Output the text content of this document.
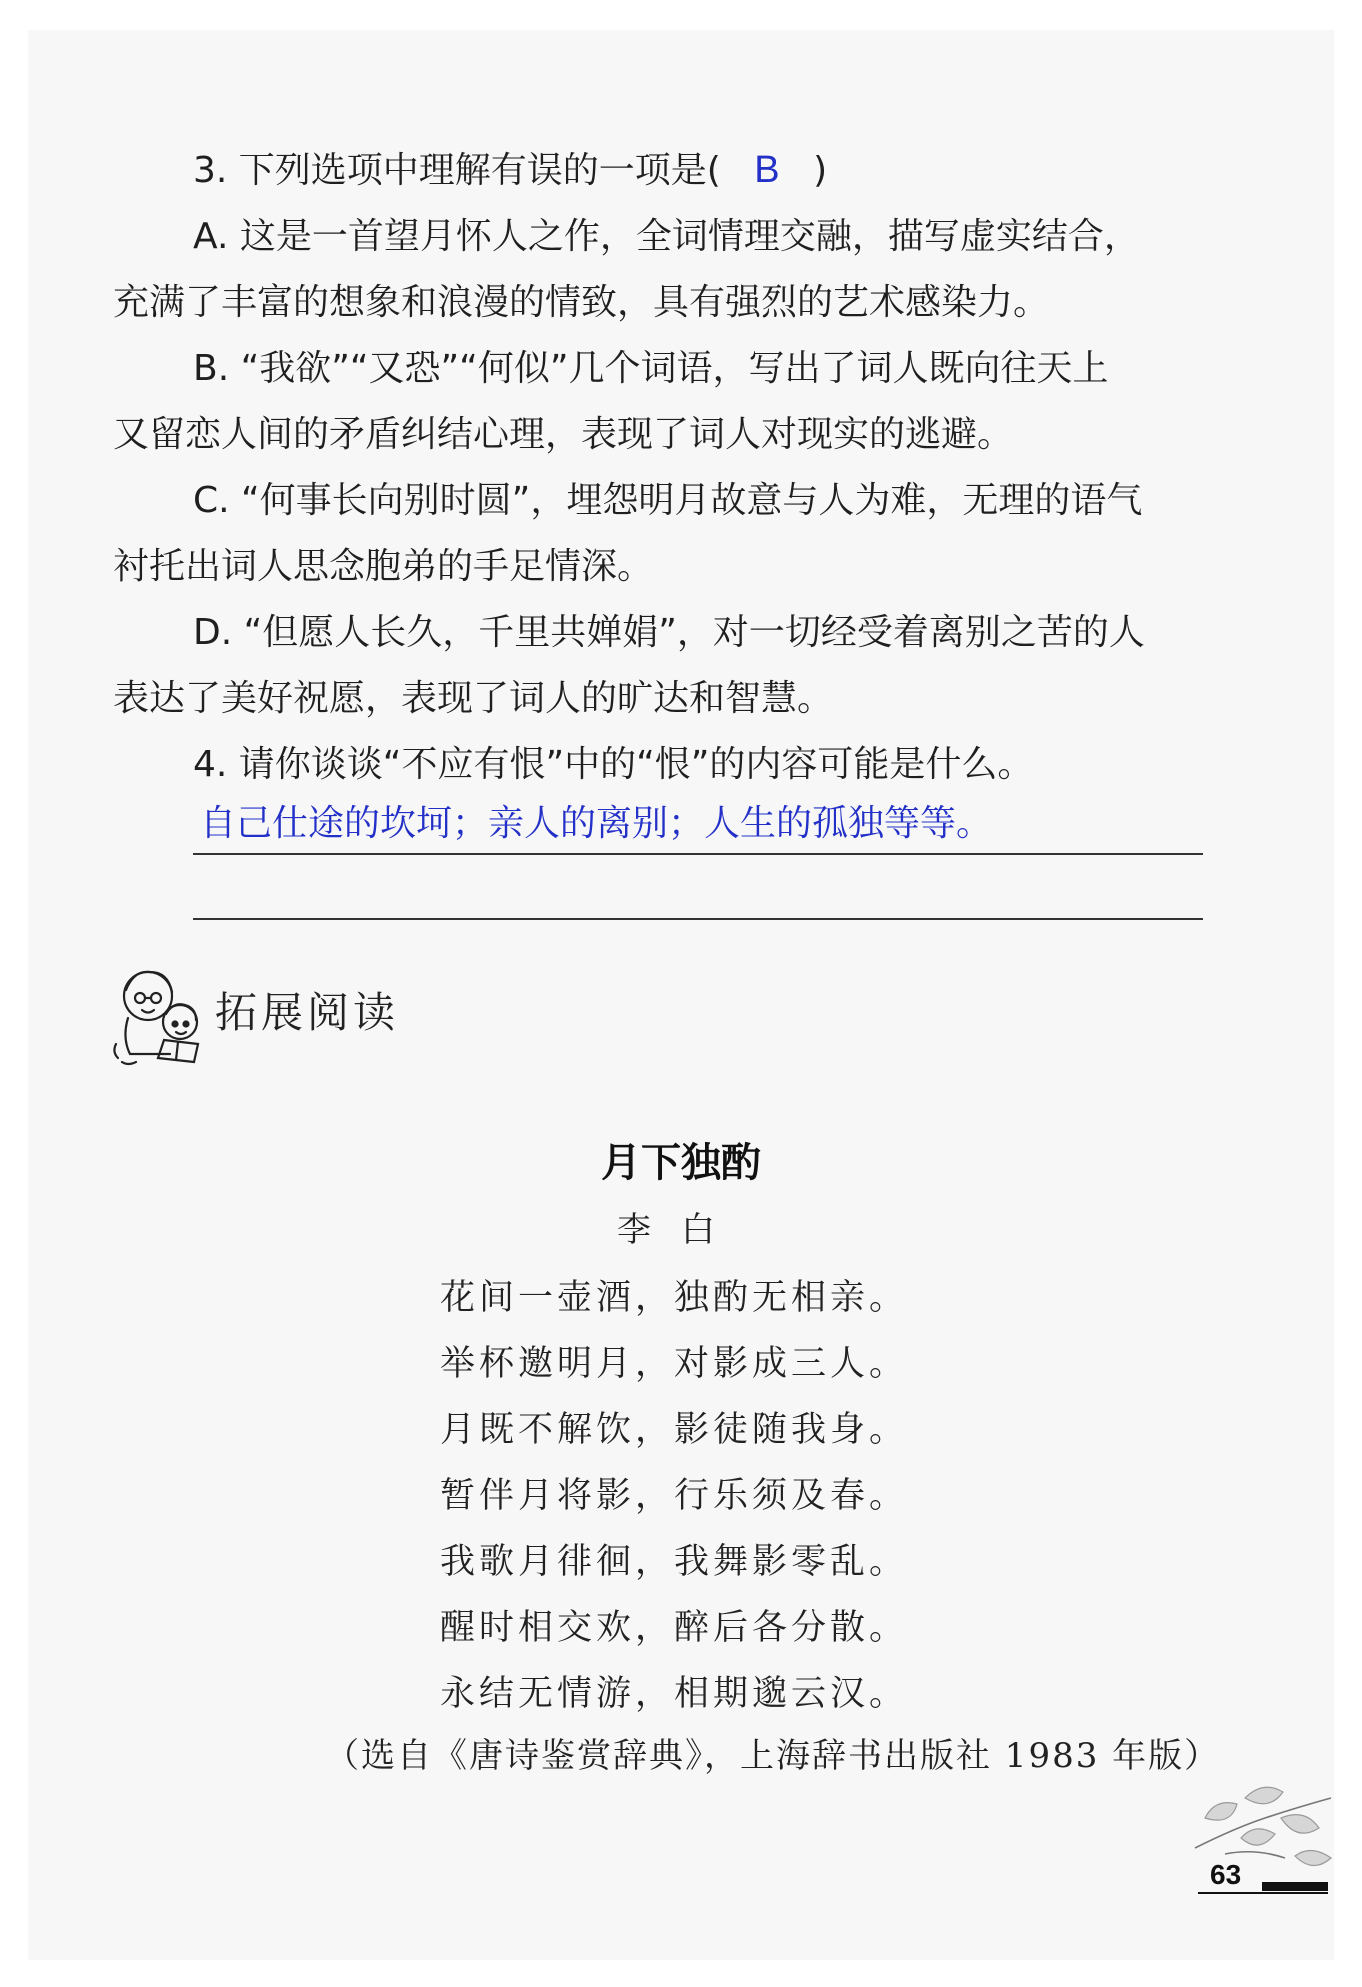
3. 下列选项中理解有误的一项是( B )
A. 这是一首望月怀人之作，全词情理交融，描写虚实结合，
充满了丰富的想象和浪漫的情致，具有强烈的艺术感染力。
B. “我欲”“又恐”“何似”几个词语，写出了词人既向往天上
又留恋人间的矛盾纠结心理，表现了词人对现实的逃避。
C. “何事长向别时圆”，埋怨明月故意与人为难，无理的语气
衬托出词人思念胞弟的手足情深。
D. “但愿人长久，千里共婵娟”，对一切经受着离别之苦的人
表达了美好祝愿，表现了词人的旷达和智慧。
4. 请你谈谈“不应有恨”中的“恨”的内容可能是什么。
自己仕途的坎坷；亲人的离别；人生的孤独等等。
拓展阅读
月下独酌
李白
花间一壶酒，独酌无相亲。
举杯邀明月，对影成三人。
月既不解饮，影徒随我身。
暂伴月将影，行乐须及春。
我歌月徘徊，我舞影零乱。
醒时相交欢，醉后各分散。
永结无情游，相期邈云汉。
（选自《唐诗鉴赏辞典》，上海辞书出版社 1983 年版）
63
